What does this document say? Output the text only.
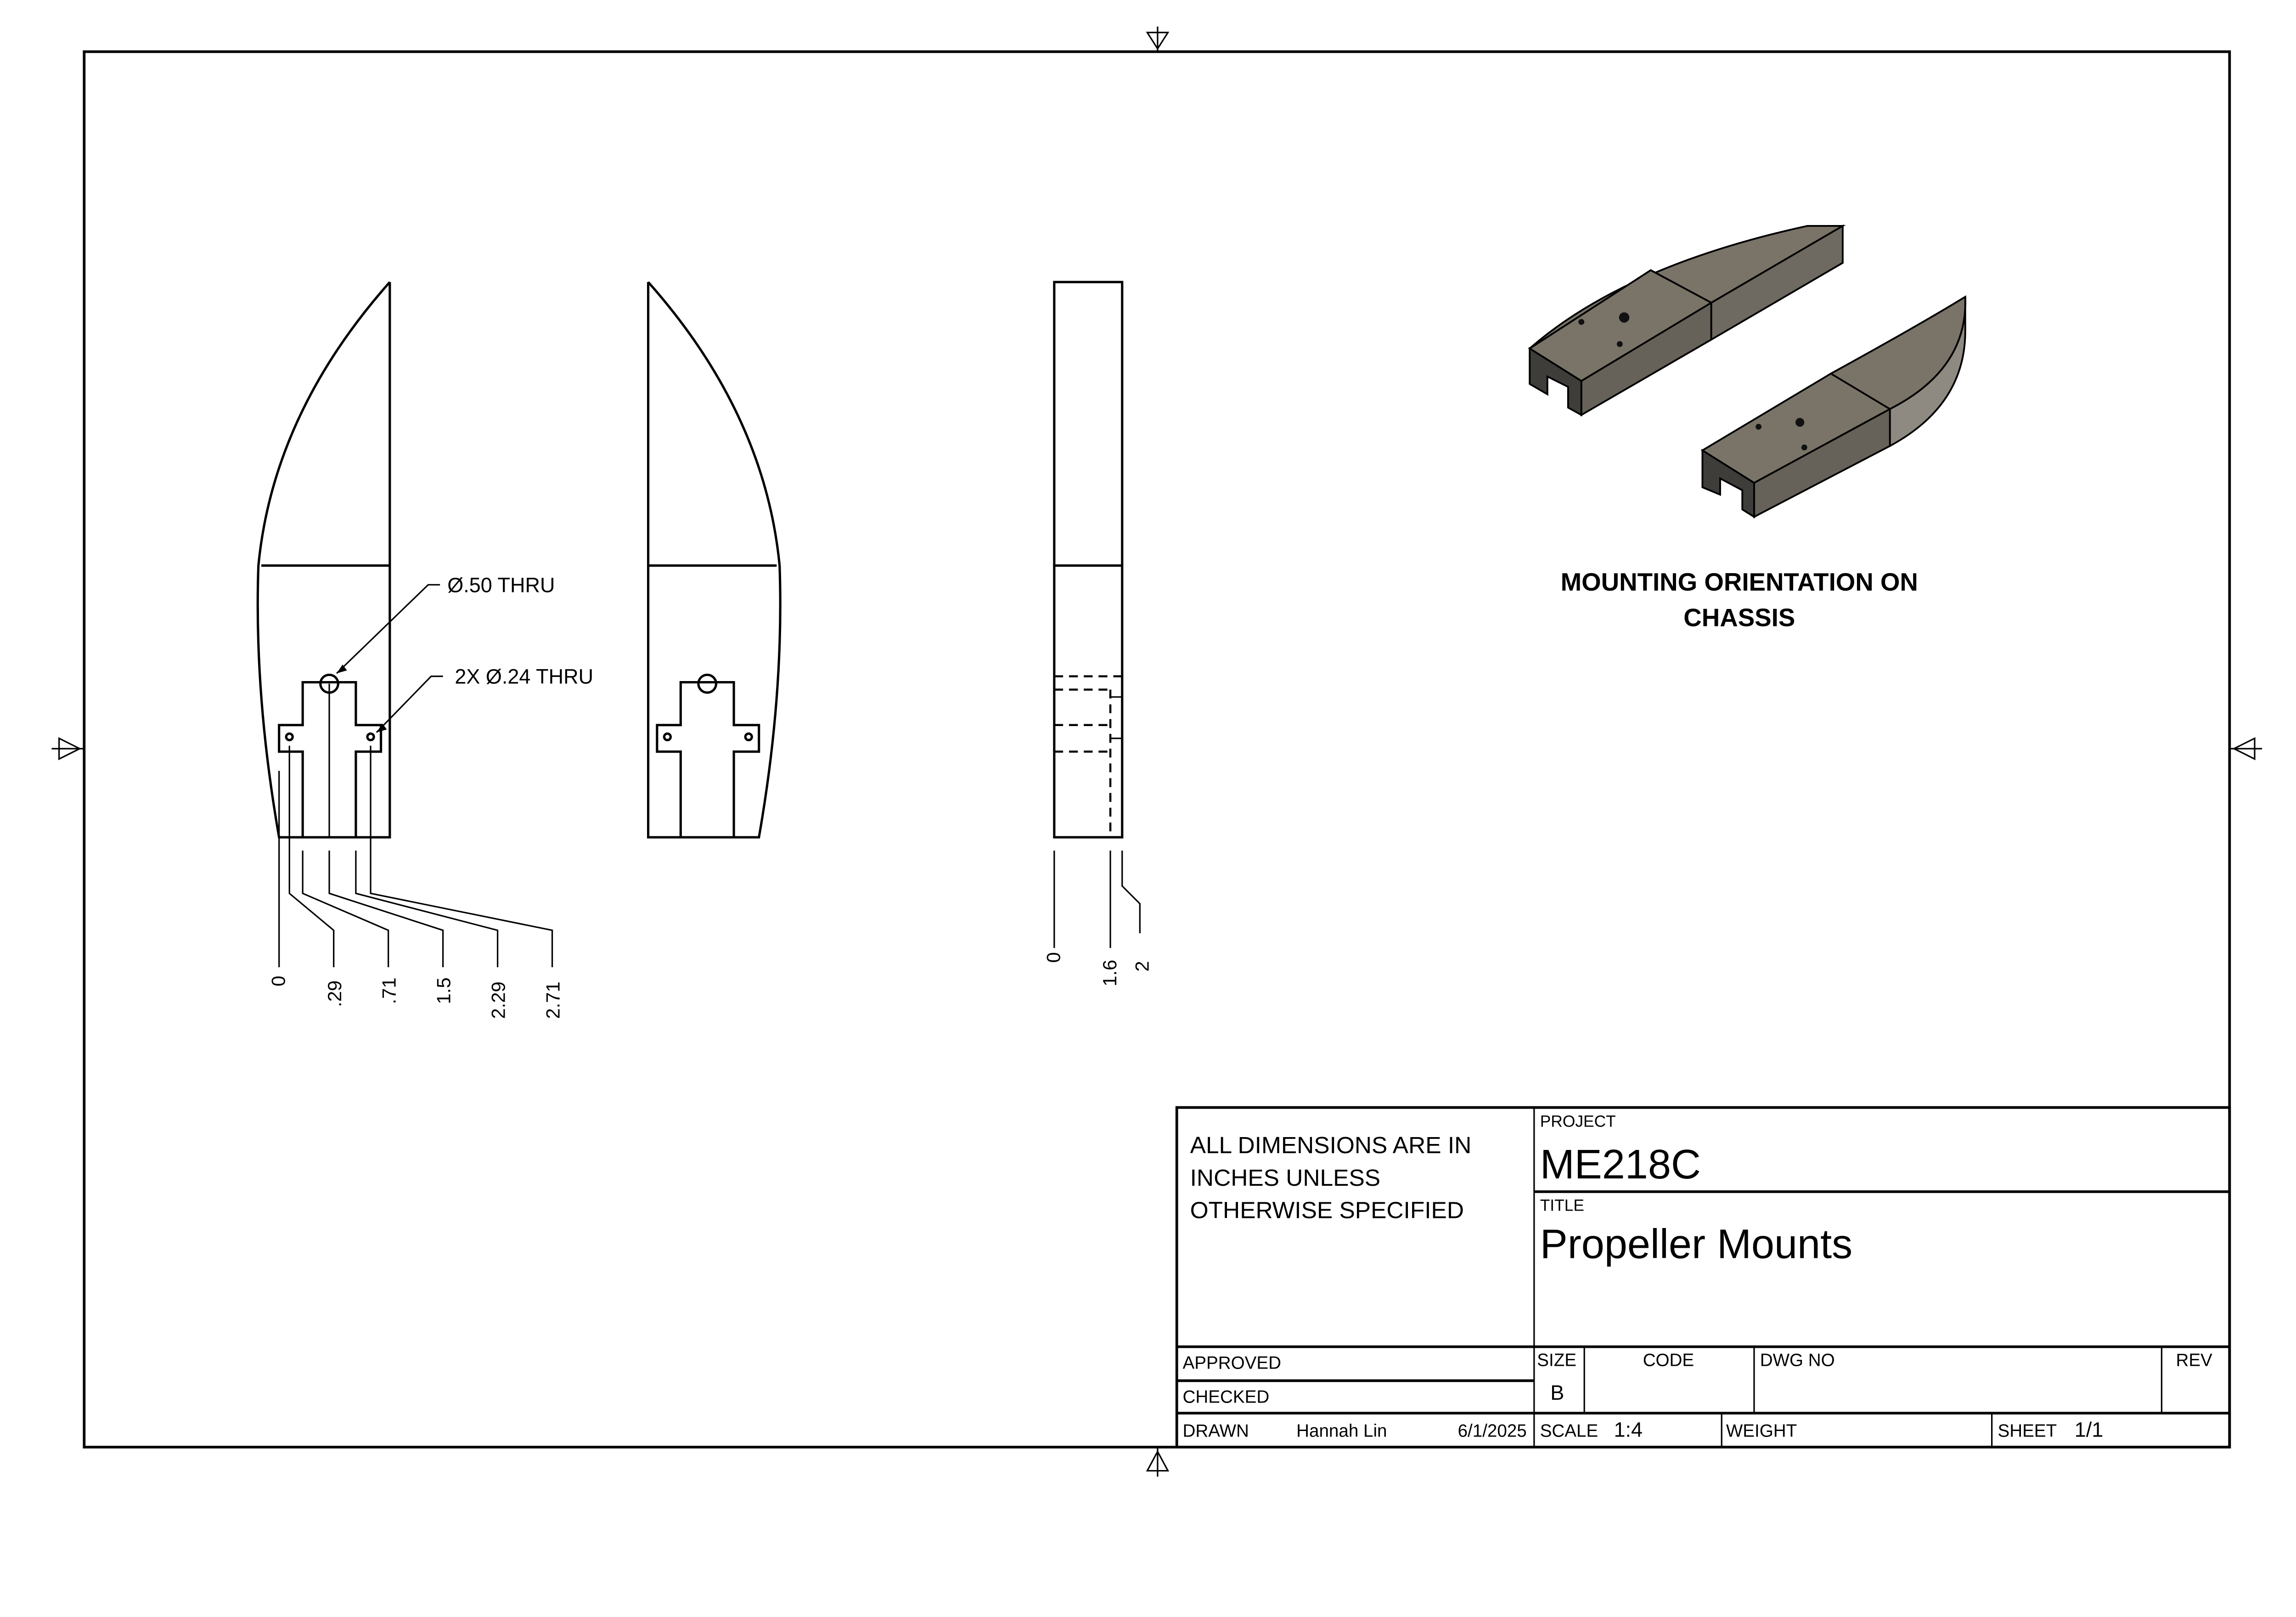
Ø.50 THRU
2X Ø.24 THRU
0	.29	.71	1.5	2.29	2.71
0
1.6 2
MOUNTING ORIENTATION ON
CHASSIS
ALL DIMENSIONS ARE IN
INCHES UNLESS
OTHERWISE SPECIFIED
PROJECT
ME218C
TITLE
Propeller Mounts
APPROVED
CHECKED
DRAWN	Hannah Lin	6/1/2025
SIZE
B
CODE	DWG NO	REV
SCALE 1:4	WEIGHT	SHEET	1/1
